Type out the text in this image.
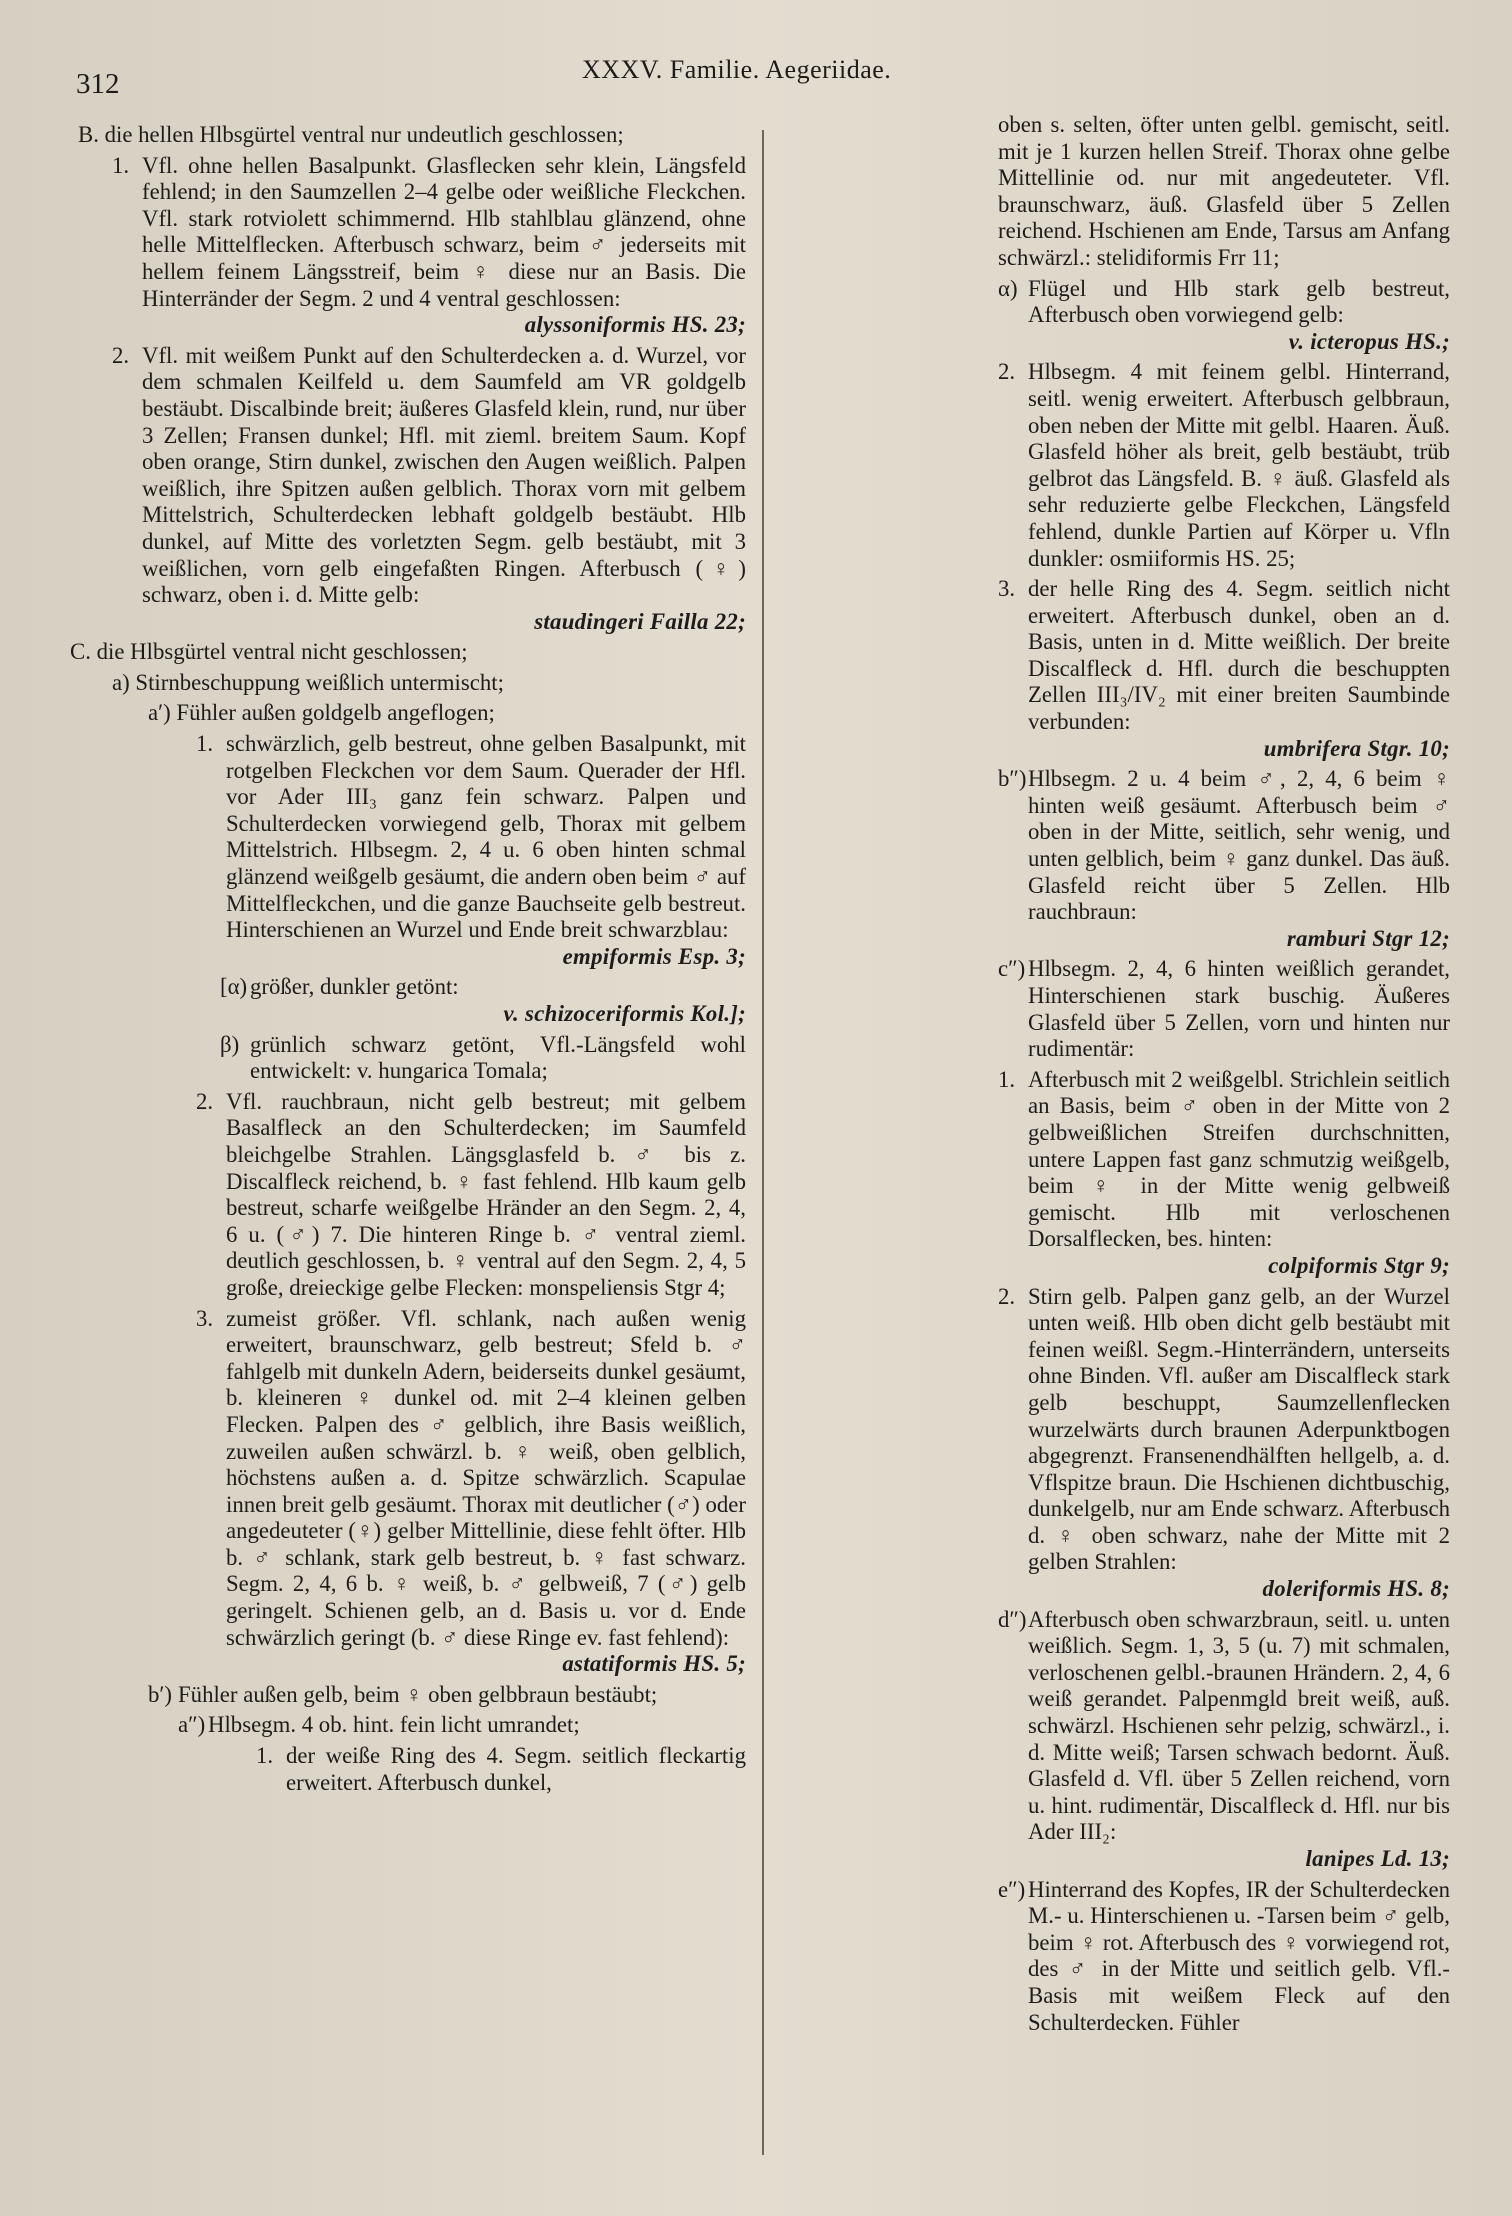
312	XXXV. Familie. Aegeriidae.
B. die hellen Hlbsgürtel ventral nur undeutlich geschlossen;
1. Vfl. ohne hellen Basalpunkt. Glasflecken sehr klein, Längsfeld fehlend; in den Saumzellen 2–4 gelbe oder weißliche Fleckchen. Vfl. stark rotviolett schimmernd. Hlb stahlblau glänzend, ohne helle Mittelflecken. Afterbusch schwarz, beim ♂ jederseits mit hellem feinem Längsstreif, beim ♀ diese nur an Basis. Die Hinterränder der Segm. 2 und 4 ventral geschlossen:
alyssoniformis HS. 23;
2. Vfl. mit weißem Punkt auf den Schulterdecken a. d. Wurzel, vor dem schmalen Keilfeld u. dem Saumfeld am VR goldgelb bestäubt. Discalbinde breit; äußeres Glasfeld klein, rund, nur über 3 Zellen; Fransen dunkel; Hfl. mit zieml. breitem Saum. Kopf oben orange, Stirn dunkel, zwischen den Augen weißlich. Palpen weißlich, ihre Spitzen außen gelblich. Thorax vorn mit gelbem Mittelstrich, Schulterdecken lebhaft goldgelb bestäubt. Hlb dunkel, auf Mitte des vorletzten Segm. gelb bestäubt, mit 3 weißlichen, vorn gelb eingefaßten Ringen. Afterbusch (♀) schwarz, oben i. d. Mitte gelb:
staudingeri Failla 22;
C. die Hlbsgürtel ventral nicht geschlossen;
a) Stirnbeschuppung weißlich untermischt;
a′) Fühler außen goldgelb angeflogen;
1. schwärzlich, gelb bestreut, ohne gelben Basalpunkt, mit rotgelben Fleckchen vor dem Saum. Querader der Hfl. vor Ader III₃ ganz fein schwarz. Palpen und Schulterdecken vorwiegend gelb, Thorax mit gelbem Mittelstrich. Hlbsegm. 2, 4 u. 6 oben hinten schmal glänzend weißgelb gesäumt, die andern oben beim ♂ auf Mittelfleckchen, und die ganze Bauchseite gelb bestreut. Hinterschienen an Wurzel und Ende breit schwarzblau:
empiformis Esp. 3;
[α) größer, dunkler getönt:
v. schizoceriformis Kol.];
β) grünlich schwarz getönt, Vfl.-Längsfeld wohl entwickelt: v. hungarica Tomala;
2. Vfl. rauchbraun, nicht gelb bestreut; mit gelbem Basalfleck an den Schulterdecken; im Saumfeld bleichgelbe Strahlen. Längsglasfeld b. ♂ bis z. Discalfleck reichend, b. ♀ fast fehlend. Hlb kaum gelb bestreut, scharfe weißgelbe Hränder an den Segm. 2, 4, 6 u. (♂) 7. Die hinteren Ringe b. ♂ ventral zieml. deutlich geschlossen, b. ♀ ventral auf den Segm. 2, 4, 5 große, dreieckige gelbe Flecken: monspeliensis Stgr 4;
3. zumeist größer. Vfl. schlank, nach außen wenig erweitert, braunschwarz, gelb bestreut; Sfeld b. ♂ fahlgelb mit dunkeln Adern, beiderseits dunkel gesäumt, b. kleineren ♀ dunkel od. mit 2–4 kleinen gelben Flecken. Palpen des ♂ gelblich, ihre Basis weißlich, zuweilen außen schwärzl. b. ♀ weiß, oben gelblich, höchstens außen a. d. Spitze schwärzlich. Scapulae innen breit gelb gesäumt. Thorax mit deutlicher (♂) oder angedeuteter (♀) gelber Mittellinie, diese fehlt öfter. Hlb b. ♂ schlank, stark gelb bestreut, b. ♀ fast schwarz. Segm. 2, 4, 6 b. ♀ weiß, b. ♂ gelbweiß, 7 (♂) gelb geringelt. Schienen gelb, an d. Basis u. vor d. Ende schwärzlich geringt (b. ♂ diese Ringe ev. fast fehlend):
astatiformis HS. 5;
b′) Fühler außen gelb, beim ♀ oben gelbbraun bestäubt;
a″) Hlbsegm. 4 ob. hint. fein licht umrandet;
1. der weiße Ring des 4. Segm. seitlich fleckartig erweitert. Afterbusch dunkel,
oben s. selten, öfter unten gelbl. gemischt, seitl. mit je 1 kurzen hellen Streif. Thorax ohne gelbe Mittellinie od. nur mit angedeuteter. Vfl. braunschwarz, äuß. Glasfeld über 5 Zellen reichend. Hschienen am Ende, Tarsus am Anfang schwärzl.: stelidiformis Frr 11;
α) Flügel und Hlb stark gelb bestreut, Afterbusch oben vorwiegend gelb:
v. icteropus HS.;
2. Hlbsegm. 4 mit feinem gelbl. Hinterrand, seitl. wenig erweitert. Afterbusch gelbbraun, oben neben der Mitte mit gelbl. Haaren. Äuß. Glasfeld höher als breit, gelb bestäubt, trüb gelbrot das Längsfeld. B. ♀ äuß. Glasfeld als sehr reduzierte gelbe Fleckchen, Längsfeld fehlend, dunkle Partien auf Körper u. Vfln dunkler: osmiiformis HS. 25;
3. der helle Ring des 4. Segm. seitlich nicht erweitert. Afterbusch dunkel, oben an d. Basis, unten in d. Mitte weißlich. Der breite Discalfleck d. Hfl. durch die beschuppten Zellen III₃/IV₂ mit einer breiten Saumbinde verbunden:
umbrifera Stgr. 10;
b″) Hlbsegm. 2 u. 4 beim ♂, 2, 4, 6 beim ♀ hinten weiß gesäumt. Afterbusch beim ♂ oben in der Mitte, seitlich, sehr wenig, und unten gelblich, beim ♀ ganz dunkel. Das äuß. Glasfeld reicht über 5 Zellen. Hlb rauchbraun:
ramburi Stgr 12;
c″) Hlbsegm. 2, 4, 6 hinten weißlich gerandet, Hinterschienen stark buschig. Äußeres Glasfeld über 5 Zellen, vorn und hinten nur rudimentär:
1. Afterbusch mit 2 weißgelbl. Strichlein seitlich an Basis, beim ♂ oben in der Mitte von 2 gelbweißlichen Streifen durchschnitten, untere Lappen fast ganz schmutzig weißgelb, beim ♀ in der Mitte wenig gelbweiß gemischt. Hlb mit verloschenen Dorsalflecken, bes. hinten:
colpiformis Stgr 9;
2. Stirn gelb. Palpen ganz gelb, an der Wurzel unten weiß. Hlb oben dicht gelb bestäubt mit feinen weißl. Segm.-Hinterrändern, unterseits ohne Binden. Vfl. außer am Discalfleck stark gelb beschuppt, Saumzellenflecken wurzelwärts durch braunen Aderpunktbogen abgegrenzt. Fransenendhälften hellgelb, a. d. Vflspitze braun. Die Hschienen dichtbuschig, dunkelgelb, nur am Ende schwarz. Afterbusch d. ♀ oben schwarz, nahe der Mitte mit 2 gelben Strahlen:
doleriformis HS. 8;
d″) Afterbusch oben schwarzbraun, seitl. u. unten weißlich. Segm. 1, 3, 5 (u. 7) mit schmalen, verloschenen gelbl.-braunen Hrändern. 2, 4, 6 weiß gerandet. Palpenmgld breit weiß, auß. schwärzl. Hschienen sehr pelzig, schwärzl., i. d. Mitte weiß; Tarsen schwach bedornt. Äuß. Glasfeld d. Vfl. über 5 Zellen reichend, vorn u. hint. rudimentär, Discalfleck d. Hfl. nur bis Ader III₂:
lanipes Ld. 13;
e″) Hinterrand des Kopfes, IR der Schulterdecken M.- u. Hinterschienen u. -Tarsen beim ♂ gelb, beim ♀ rot. Afterbusch des ♀ vorwiegend rot, des ♂ in der Mitte und seitlich gelb. Vfl.-Basis mit weißem Fleck auf den Schulterdecken. Fühler
